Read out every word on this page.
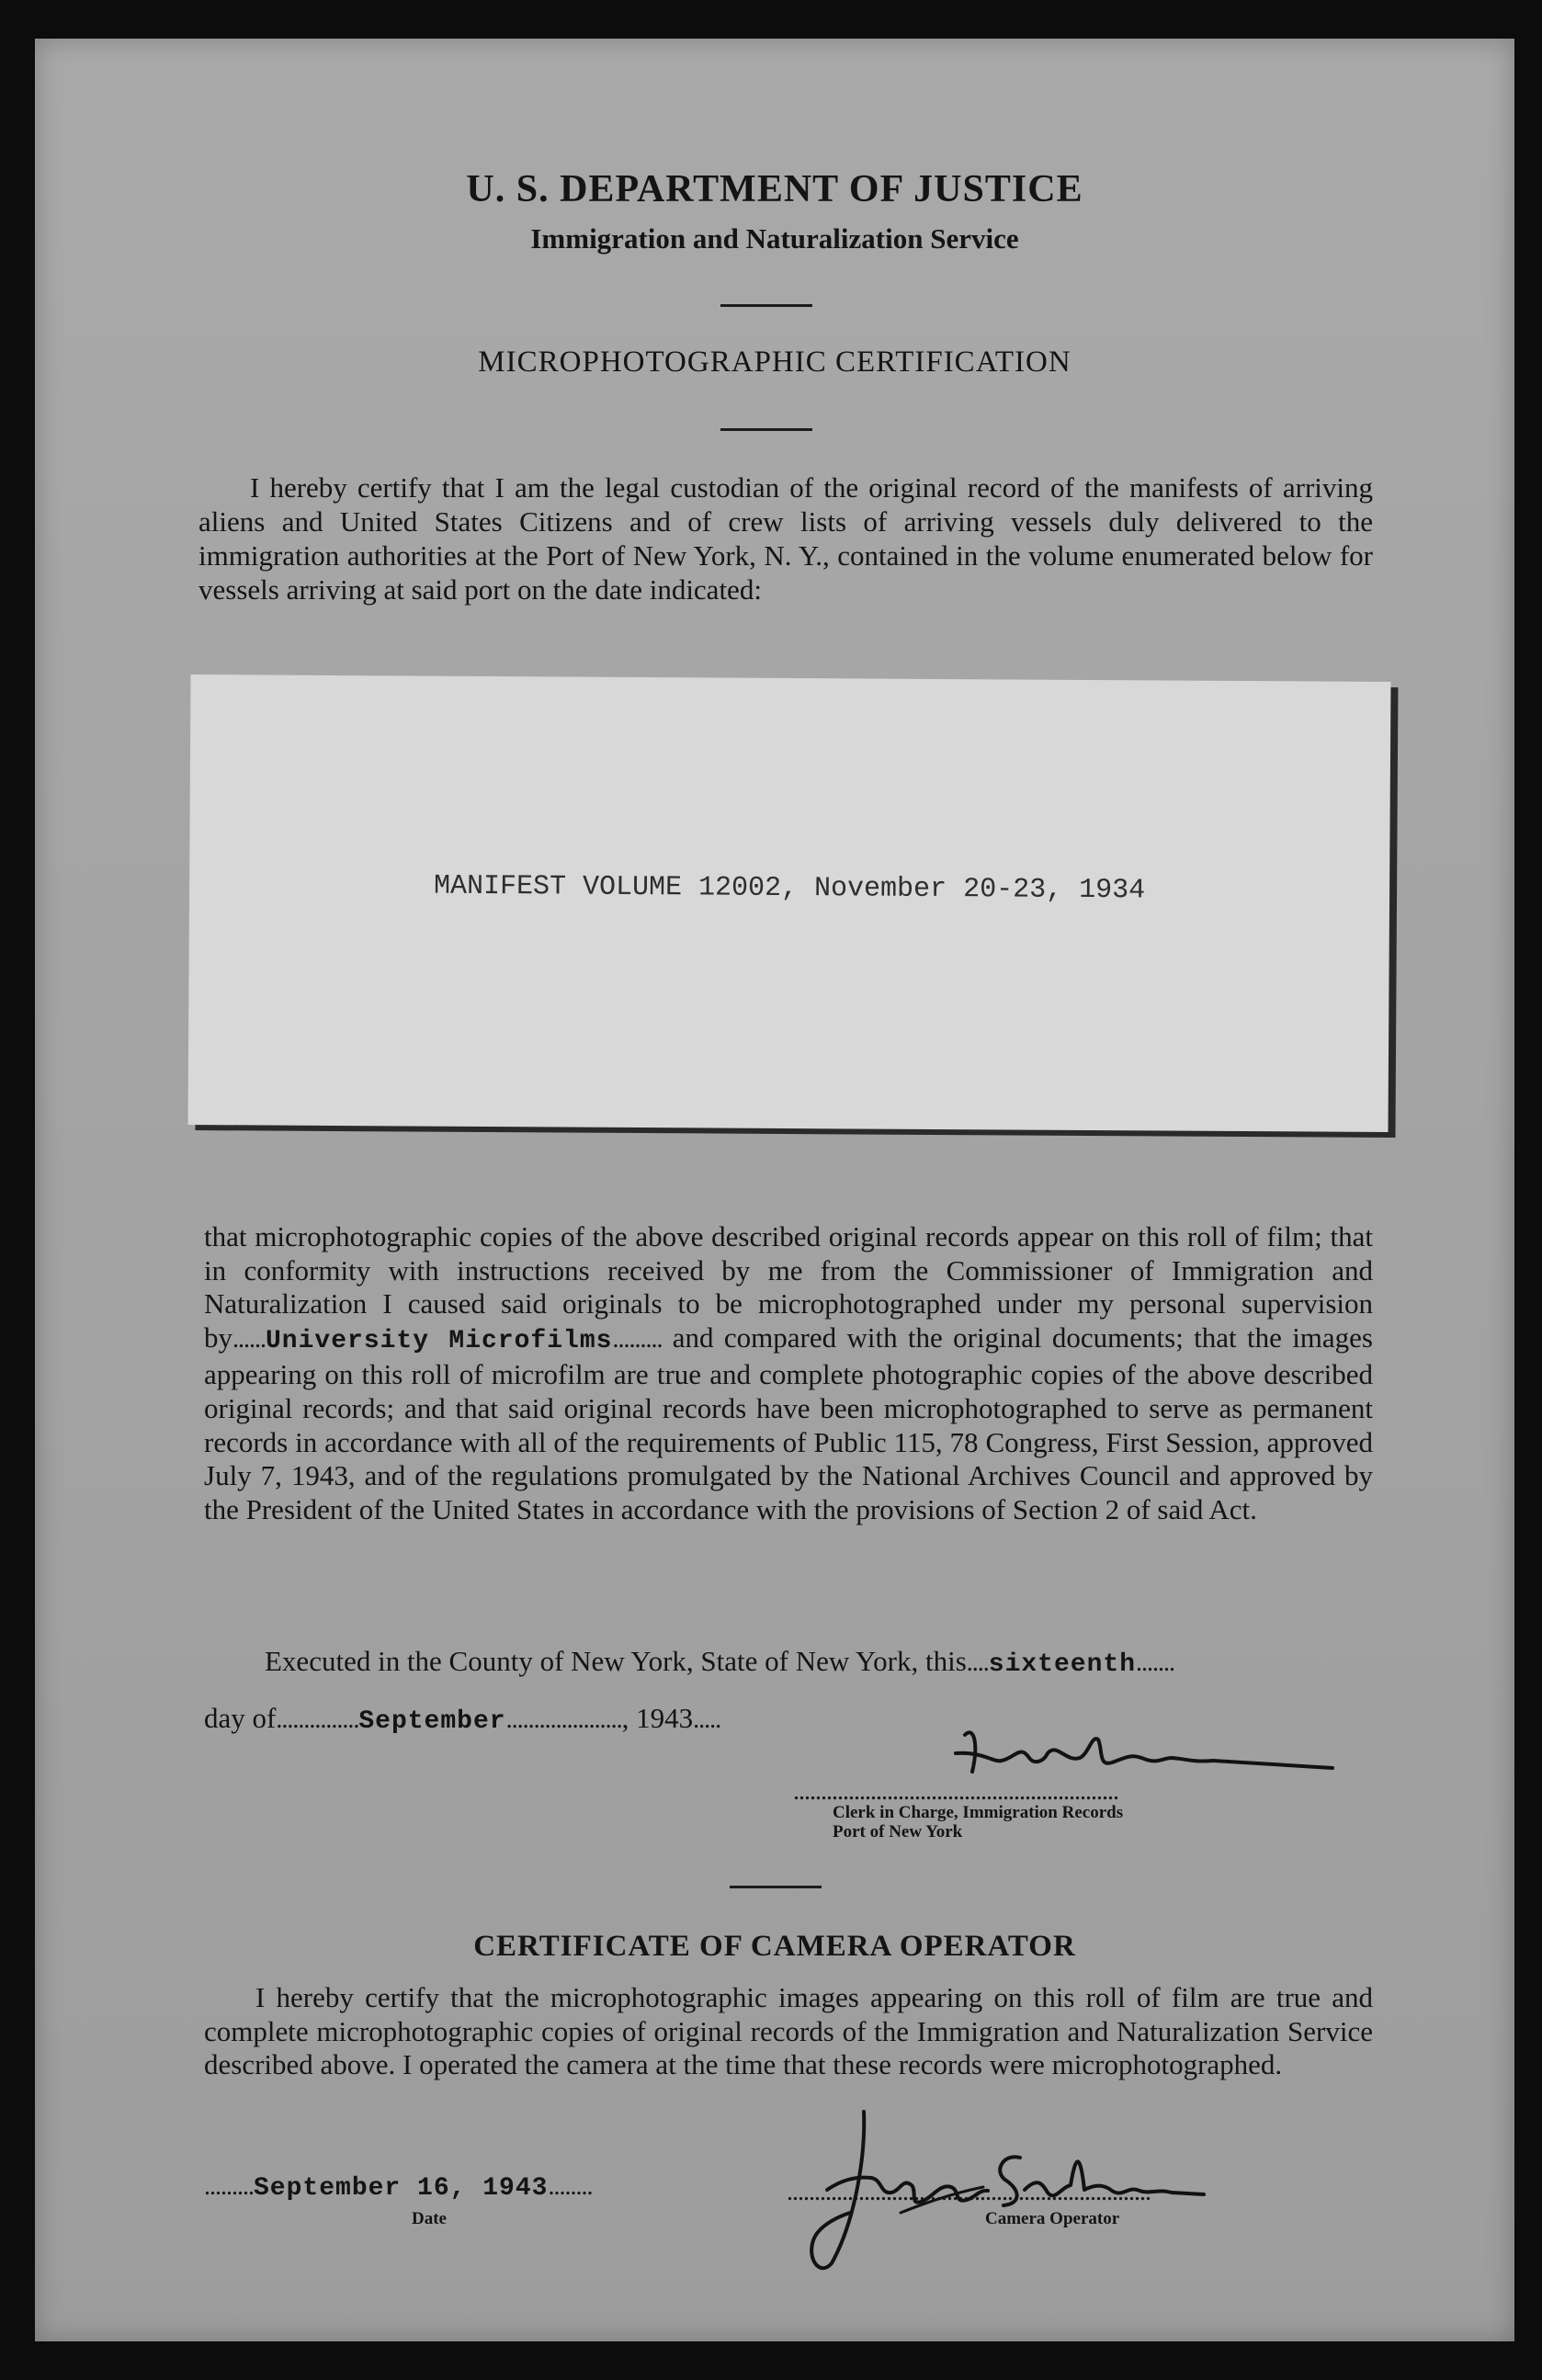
U. S. DEPARTMENT OF JUSTICE
Immigration and Naturalization Service
MICROPHOTOGRAPHIC CERTIFICATION

I hereby certify that I am the legal custodian of the original record of the manifests of arriving aliens and United States Citizens and of crew lists of arriving vessels duly delivered to the immigration authorities at the Port of New York, N. Y., contained in the volume enumerated below for vessels arriving at said port on the date indicated:

MANIFEST VOLUME 12002, November 20-23, 1934

that microphotographic copies of the above described original records appear on this roll of film; that in conformity with instructions received by me from the Commissioner of Immigration and Naturalization I caused said originals to be microphotographed under my personal supervision by......University Microfilms......... and compared with the original documents; that the images appearing on this roll of microfilm are true and complete photographic copies of the above described original records; and that said original records have been microphotographed to serve as permanent records in accordance with all of the requirements of Public 115, 78 Congress, First Session, approved July 7, 1943, and of the regulations promulgated by the National Archives Council and approved by the President of the United States in accordance with the provisions of Section 2 of said Act.

Executed in the County of New York, State of New York, this....sixteenth.......
day of...............September....................., 1943.....
...........................................................
Clerk in Charge, Immigration Records
Port of New York
CERTIFICATE OF CAMERA OPERATOR

I hereby certify that the microphotographic images appearing on this roll of film are true and complete microphotographic copies of original records of the Immigration and Naturalization Service described above. I operated the camera at the time that these records were microphotographed.

.........September 16, 1943........
Date
..................................................................
Camera Operator
